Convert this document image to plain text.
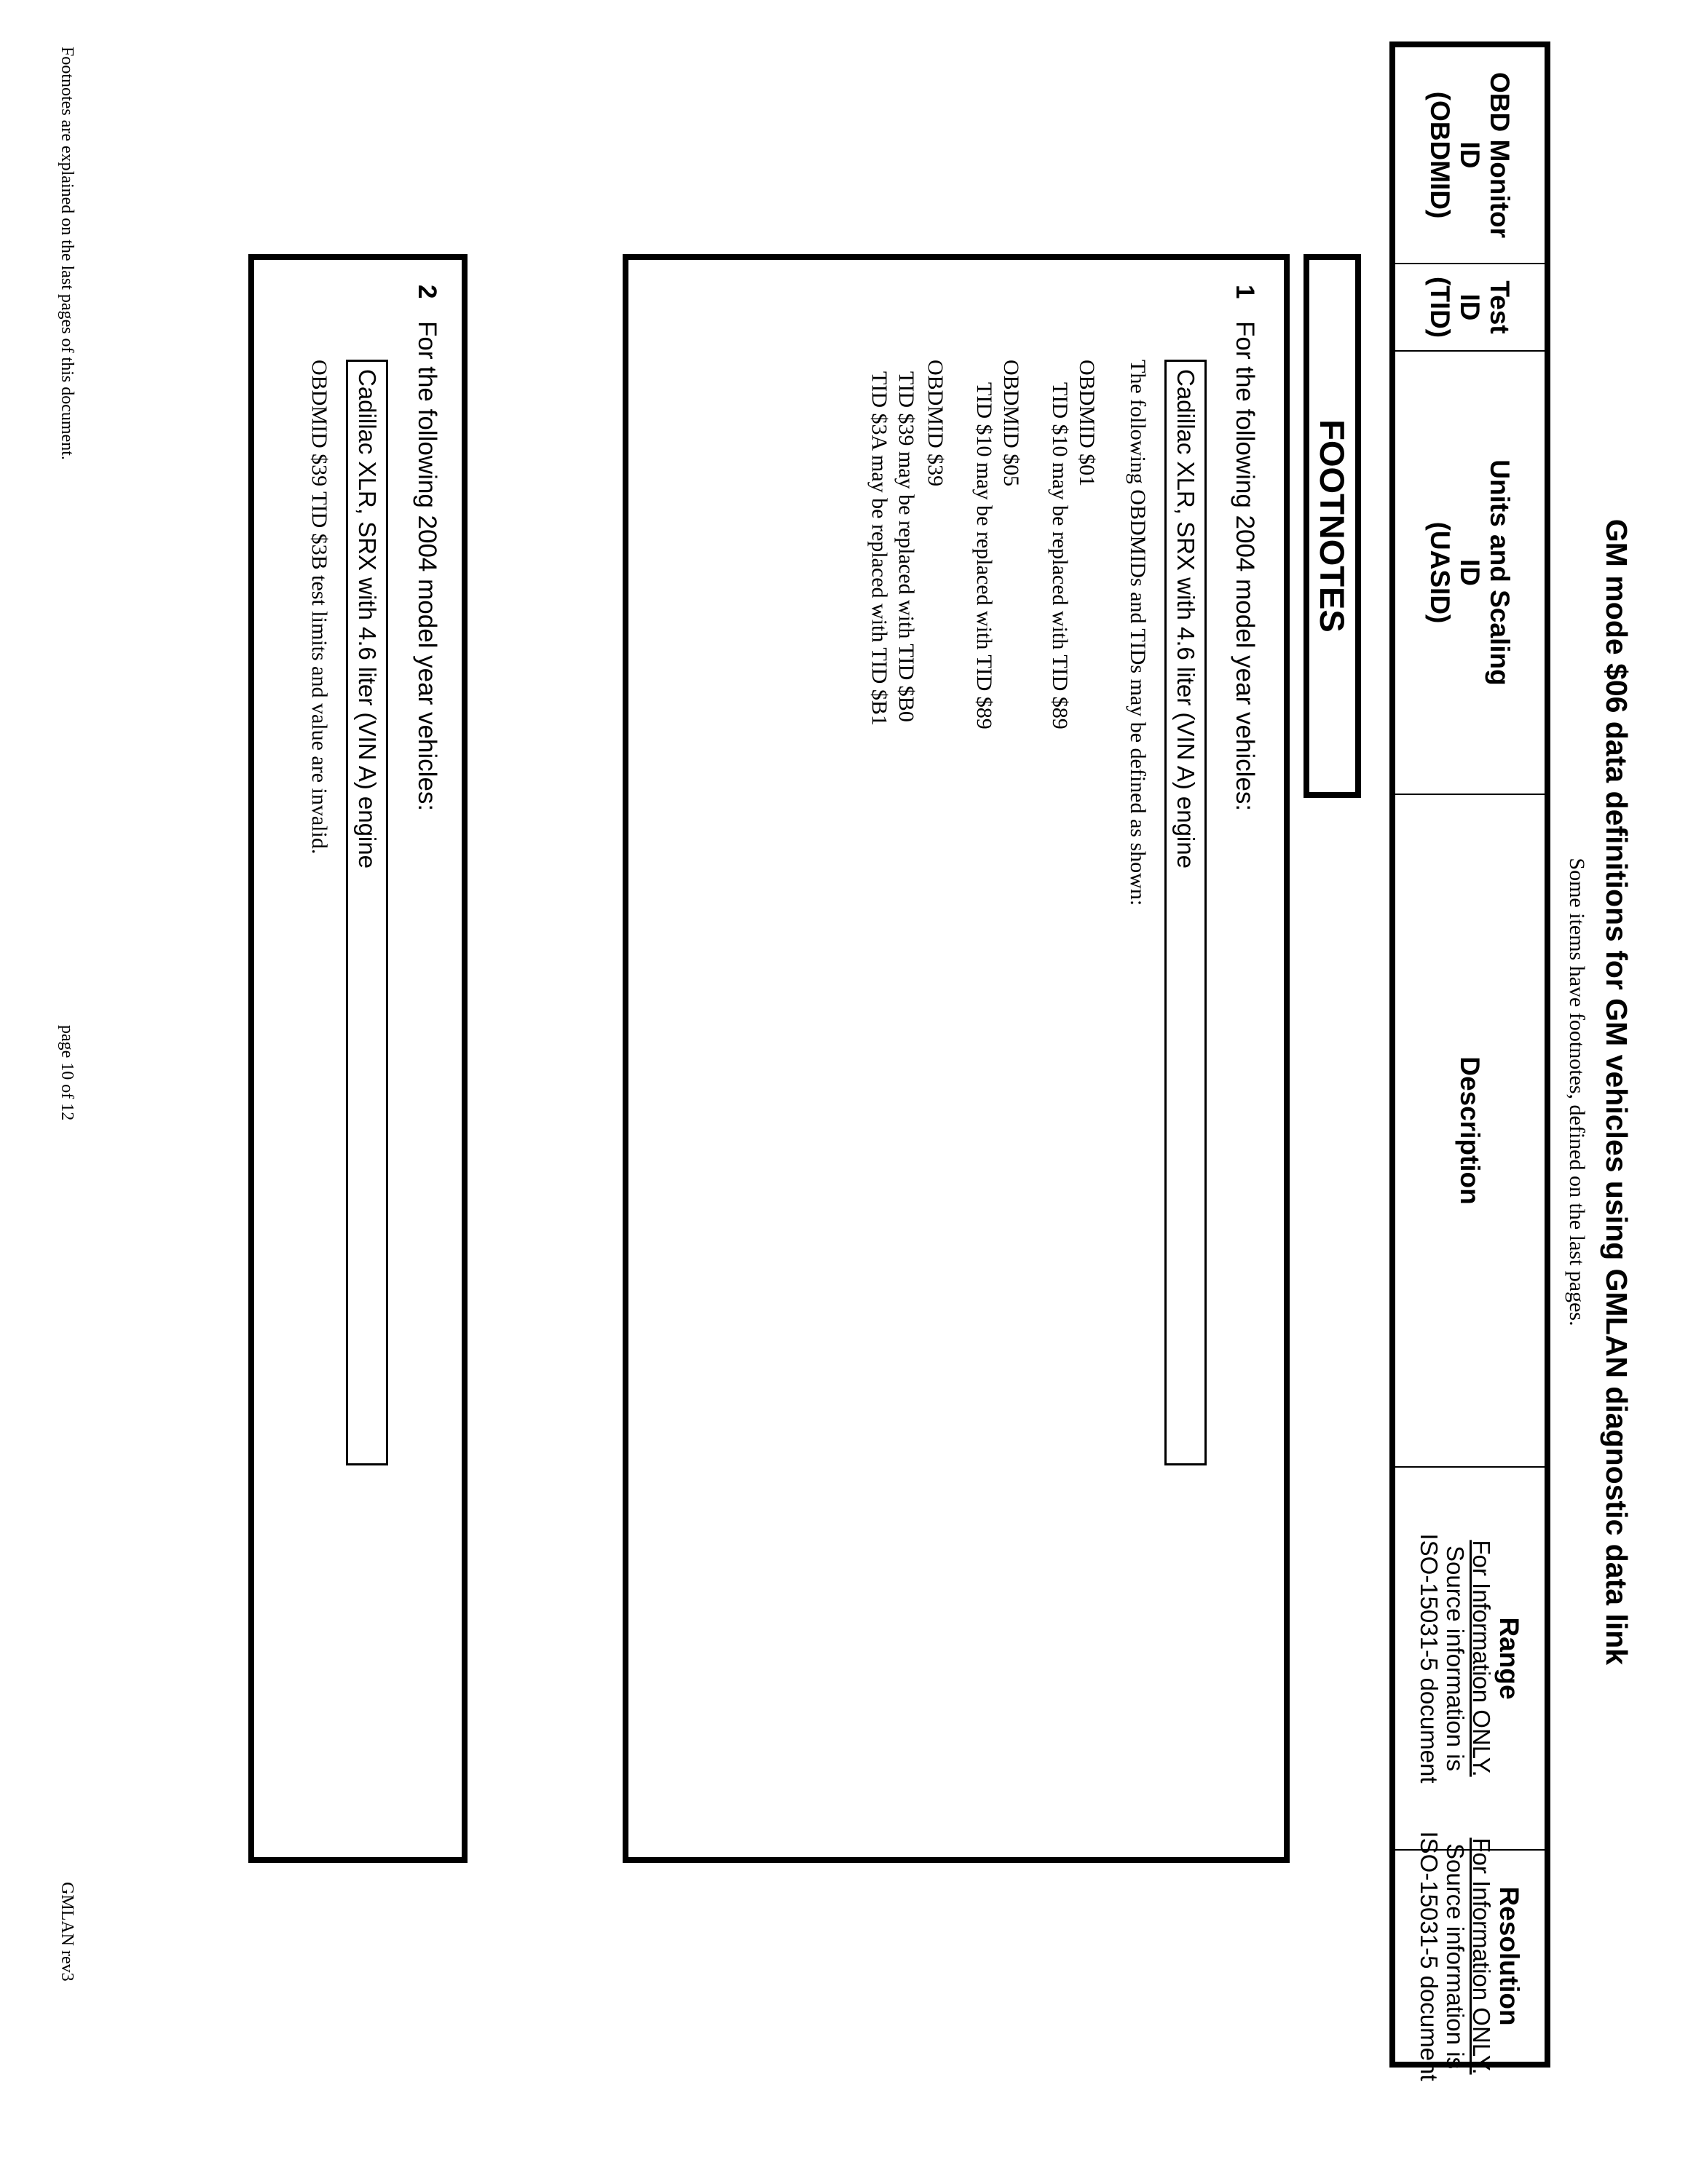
GM mode $06 data definitions for GM vehicles using GMLAN diagnostic data link
Some items have footnotes, defined on the last pages.
OBD Monitor
ID
(OBDMID)
Test
ID
(TID)
Units and Scaling
ID
(UASID)
Description
Range
For Information ONLY.
Source information is
ISO-15031-5 document
Resolution
For Information ONLY.
Source information is
ISO-15031-5 document
FOOTNOTES
1
For the following 2004 model year vehicles:
Cadillac XLR, SRX with 4.6 liter (VIN A) engine
The following OBDMIDs and TIDs may be defined as shown:
OBDMID $01
TID $10 may be replaced with TID $89
OBDMID $05
TID $10 may be replaced with TID $89
OBDMID $39
TID $39 may be replaced with TID $B0
TID $3A may be replaced with TID $B1
2
For the following 2004 model year vehicles:
Cadillac XLR, SRX with 4.6 liter (VIN A) engine
OBDMID $39 TID $3B test limits and value are invalid.
Footnotes are explained on the last pages of this document.
page 10 of 12
GMLAN rev3
